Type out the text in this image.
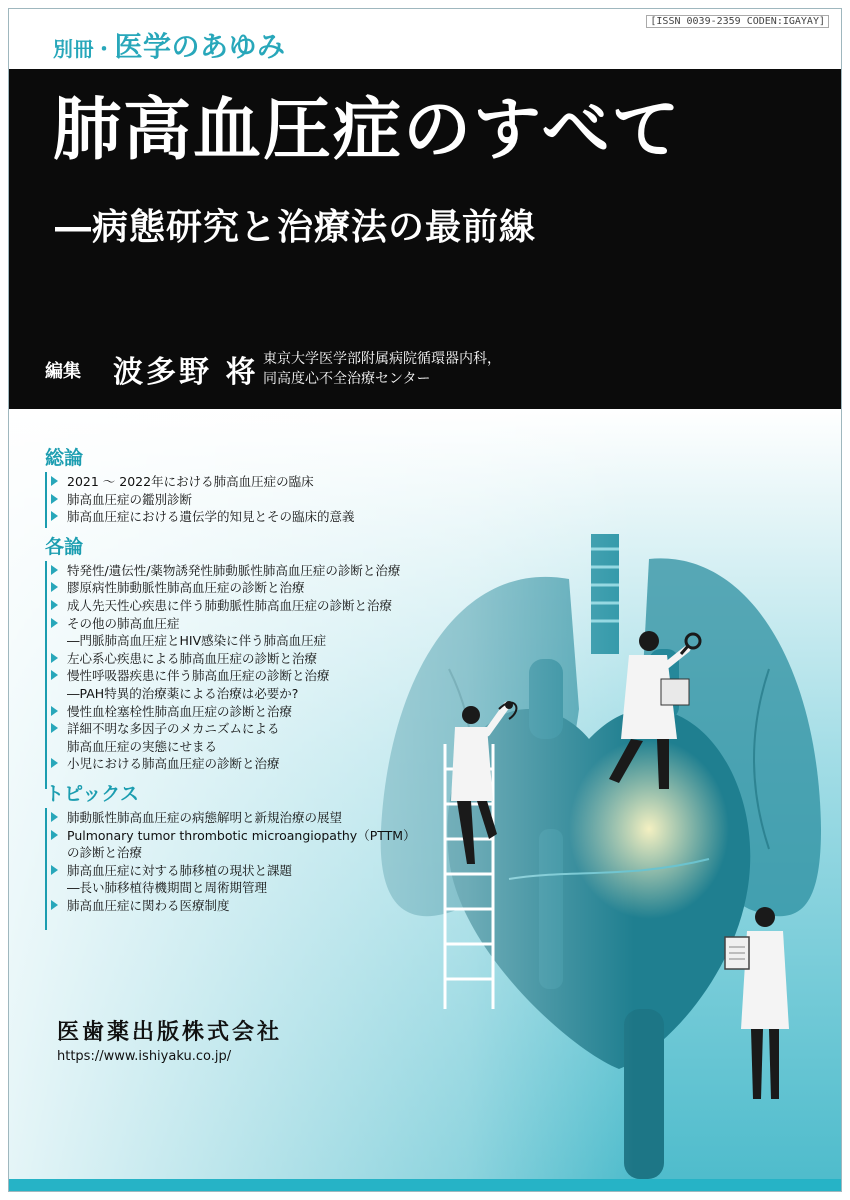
別冊・医学のあゆみ
[ISSN 0039-2359 CODEN:IGAYAY]
肺高血圧症のすべて
―病態研究と治療法の最前線
編集 波多野 将 東京大学医学部附属病院循環器内科，
同高度心不全治療センター
総論
2021 ～ 2022年における肺高血圧症の臨床
肺高血圧症の鑑別診断
肺高血圧症における遺伝学的知見とその臨床的意義
各論
特発性/遺伝性/薬物誘発性肺動脈性肺高血圧症の診断と治療
膠原病性肺動脈性肺高血圧症の診断と治療
成人先天性心疾患に伴う肺動脈性肺高血圧症の診断と治療
その他の肺高血圧症
―門脈肺高血圧症とHIV感染に伴う肺高血圧症
左心系心疾患による肺高血圧症の診断と治療
慢性呼吸器疾患に伴う肺高血圧症の診断と治療
―PAH特異的治療薬による治療は必要か?
慢性血栓塞栓性肺高血圧症の診断と治療
詳細不明な多因子のメカニズムによる
肺高血圧症の実態にせまる
小児における肺高血圧症の診断と治療
トピックス
肺動脈性肺高血圧症の病態解明と新規治療の展望
Pulmonary tumor thrombotic microangiopathy（PTTM）
の診断と治療
肺高血圧症に対する肺移植の現状と課題
―長い肺移植待機期間と周術期管理
肺高血圧症に関わる医療制度
医歯薬出版株式会社
https://www.ishiyaku.co.jp/
